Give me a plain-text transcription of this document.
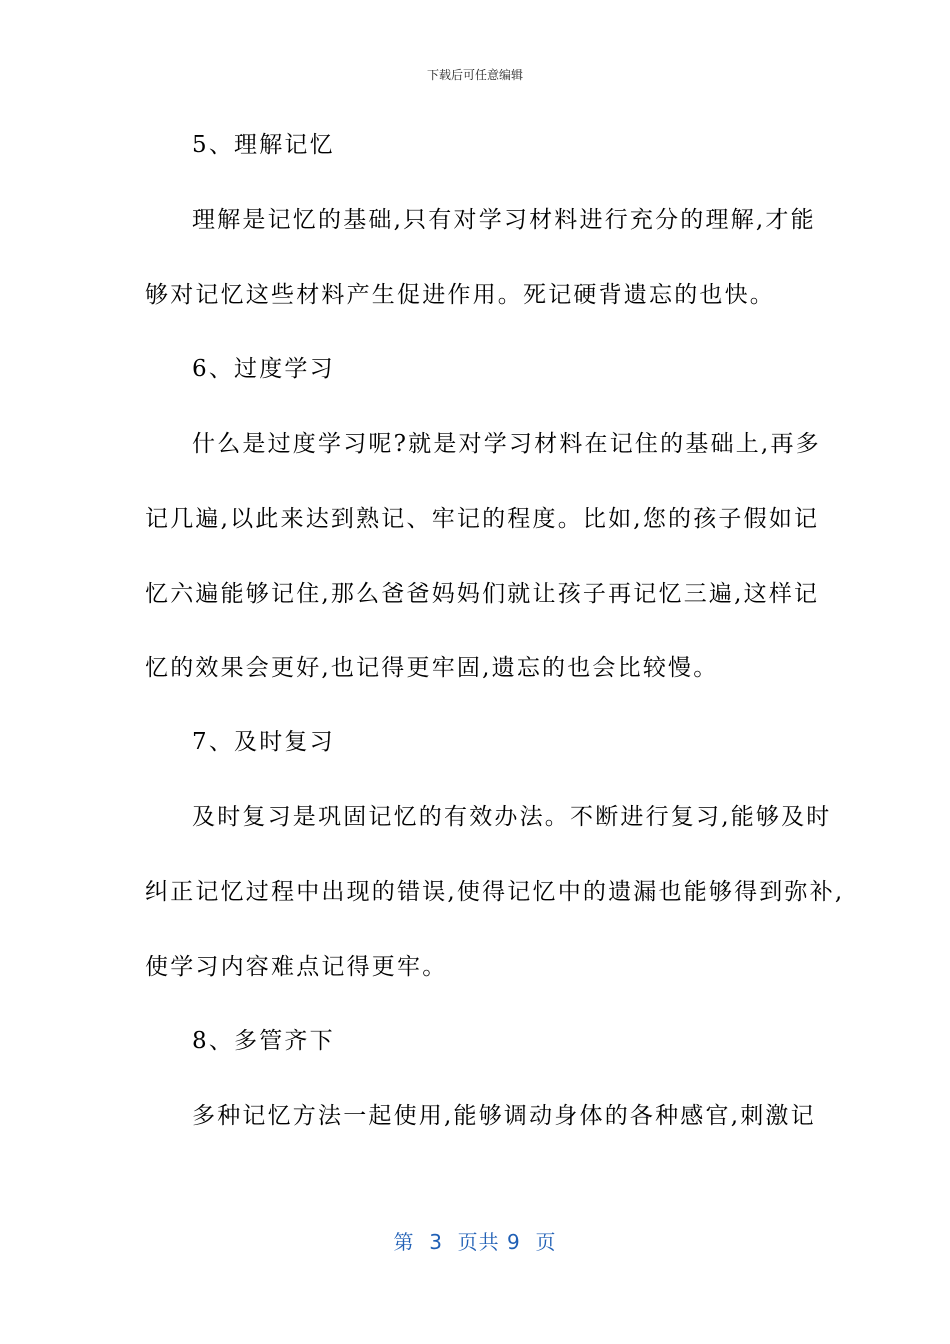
下载后可任意编辑
5、理解记忆
理解是记忆的基础,只有对学习材料进行充分的理解,才能
够对记忆这些材料产生促进作用。死记硬背遗忘的也快。
6、过度学习
什么是过度学习呢?就是对学习材料在记住的基础上,再多
记几遍,以此来达到熟记、牢记的程度。比如,您的孩子假如记
忆六遍能够记住,那么爸爸妈妈们就让孩子再记忆三遍,这样记
忆的效果会更好,也记得更牢固,遗忘的也会比较慢。
7、及时复习
及时复习是巩固记忆的有效办法。不断进行复习,能够及时
纠正记忆过程中出现的错误,使得记忆中的遗漏也能够得到弥补,
使学习内容难点记得更牢。
8、多管齐下
多种记忆方法一起使用,能够调动身体的各种感官,刺激记
第  3  页共 9  页
